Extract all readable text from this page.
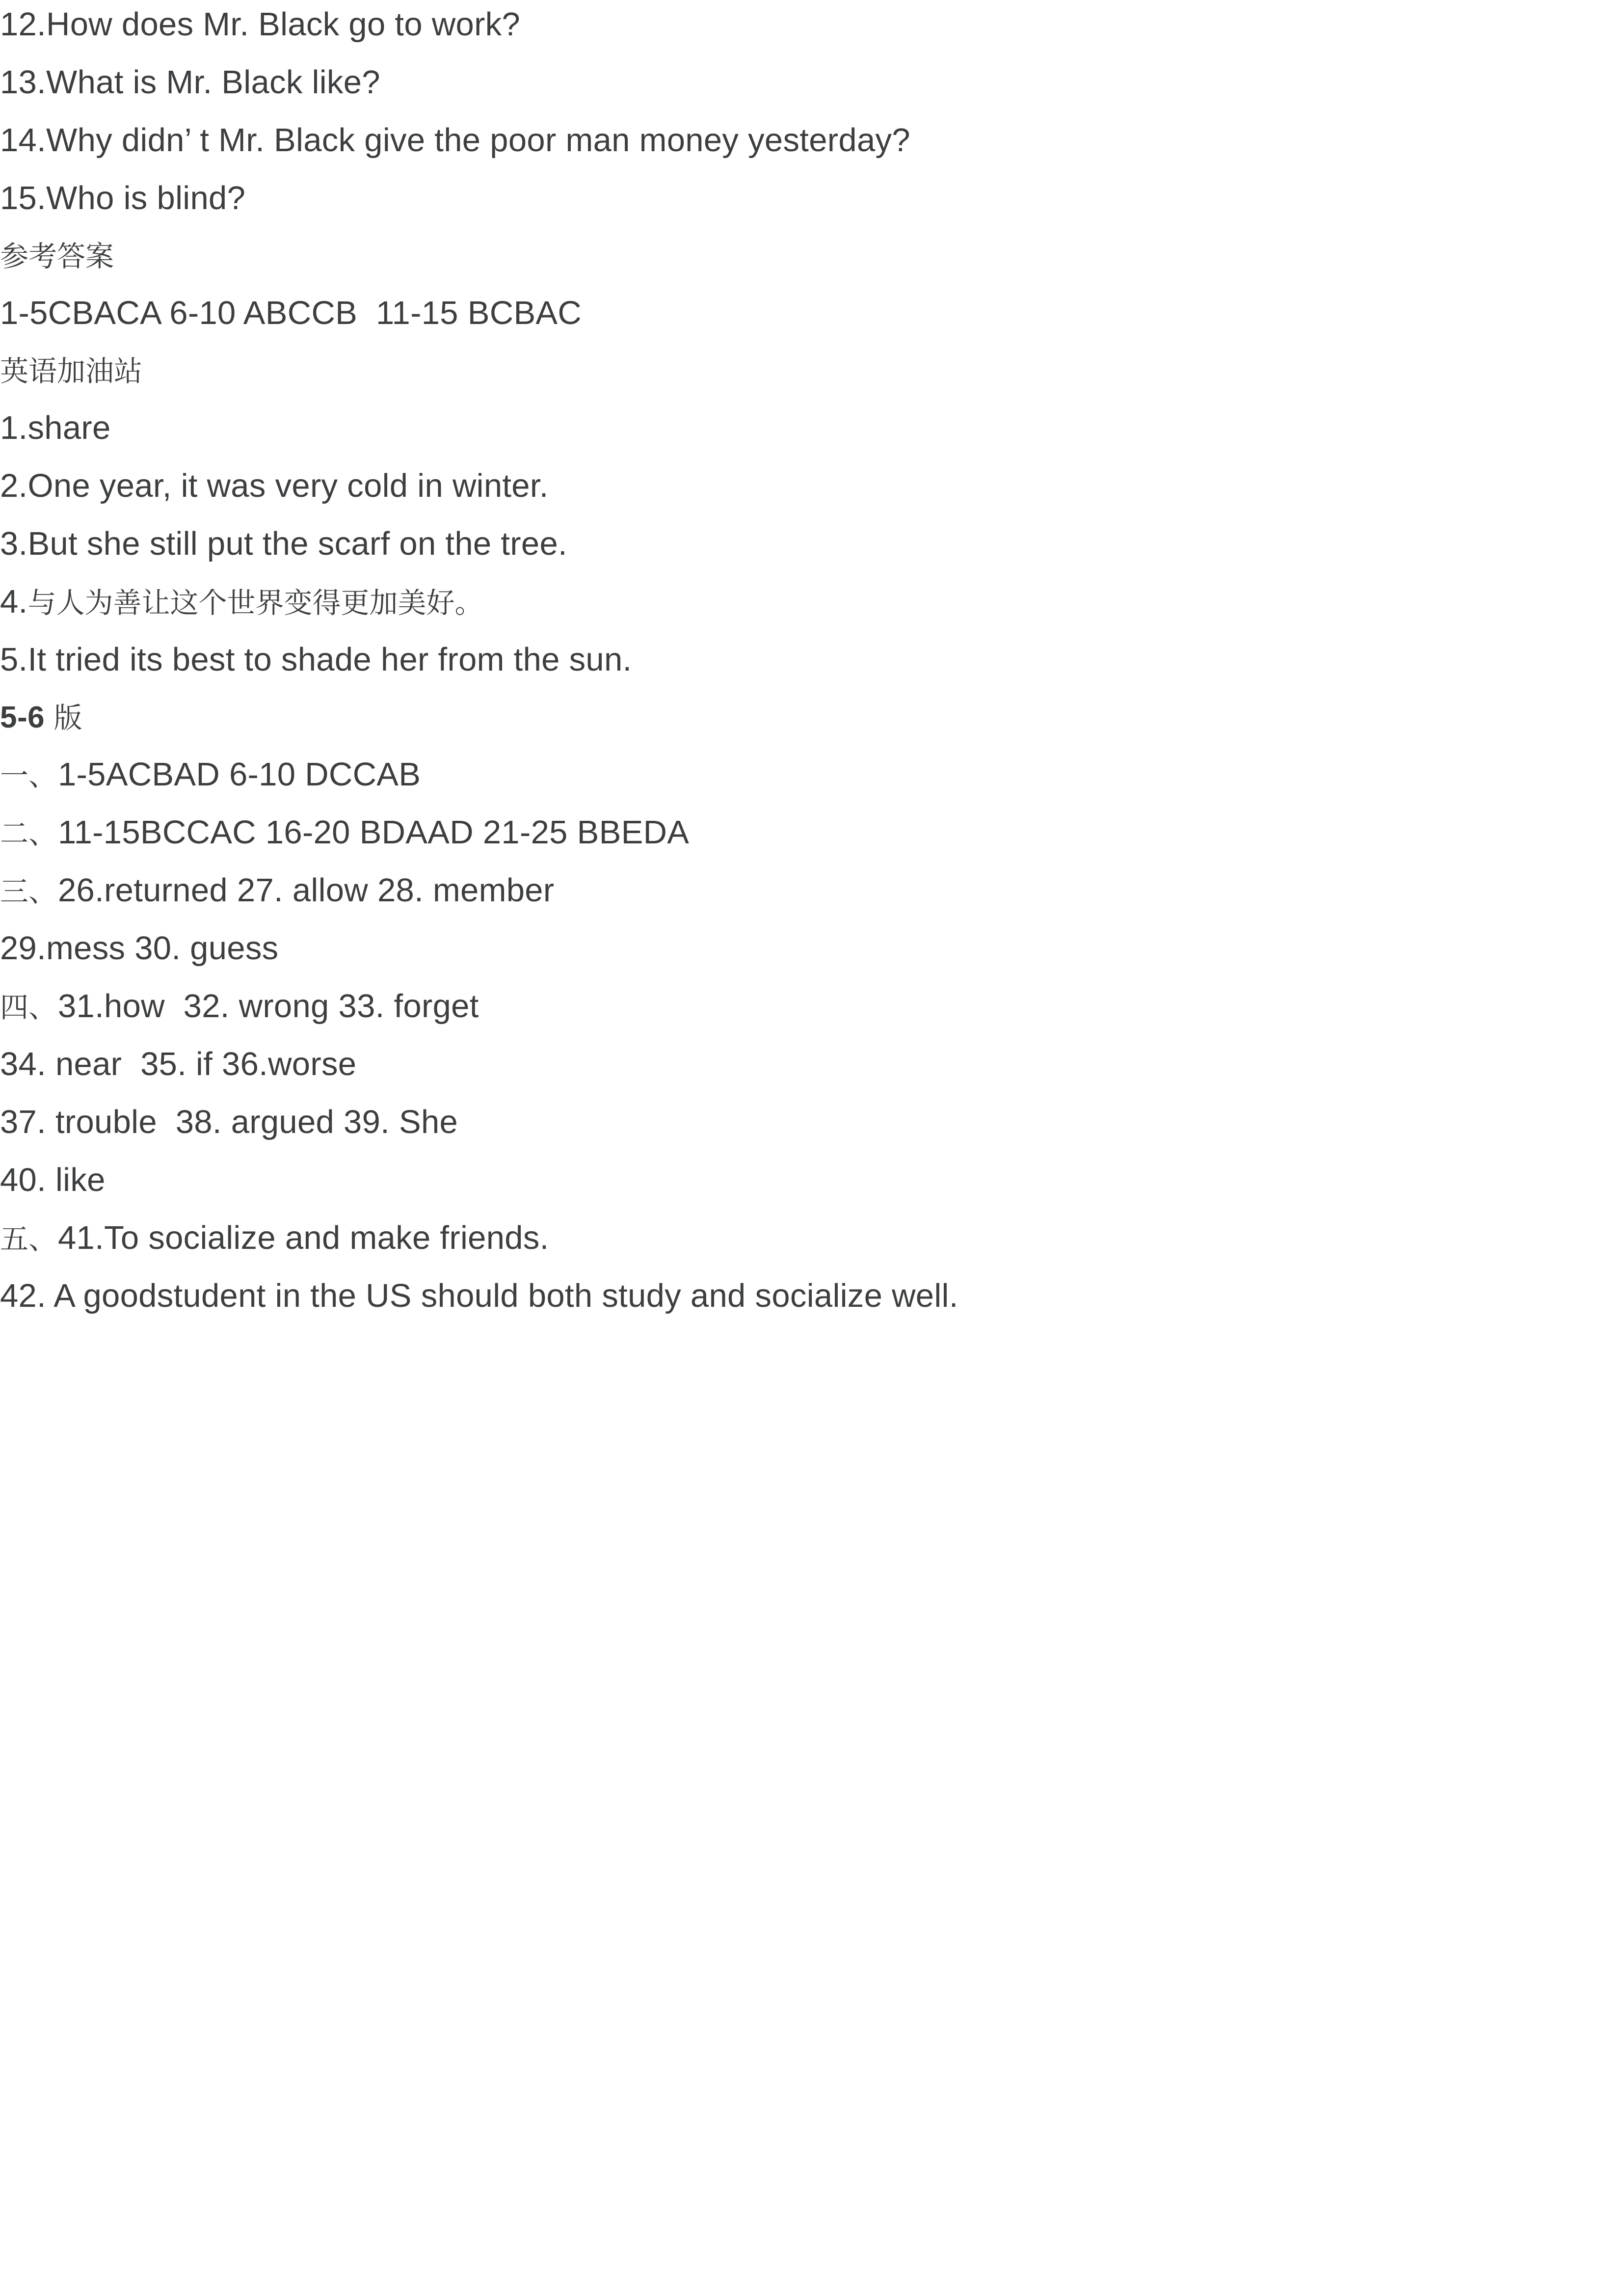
12.How does Mr. Black go to work?

13.What is Mr. Black like?

14.Why didn’ t Mr. Black give the poor man money yesterday?

15.Who is blind?

参考答案

1-5CBACA 6-10 ABCCB  11-15 BCBAC

英语加油站

1.share

2.One year, it was very cold in winter.

3.But she still put the scarf on the tree.

4.与人为善让这个世界变得更加美好。

5.It tried its best to shade her from the sun.

5-6 版

一、1-5ACBAD 6-10 DCCAB

二、11-15BCCAC 16-20 BDAAD 21-25 BBEDA

三、26.returned 27. allow 28. member

29.mess 30. guess

四、31.how  32. wrong 33. forget

34. near  35. if 36.worse

37. trouble  38. argued 39. She

40. like

五、41.To socialize and make friends.

42. A goodstudent in the US should both study and socialize well.
